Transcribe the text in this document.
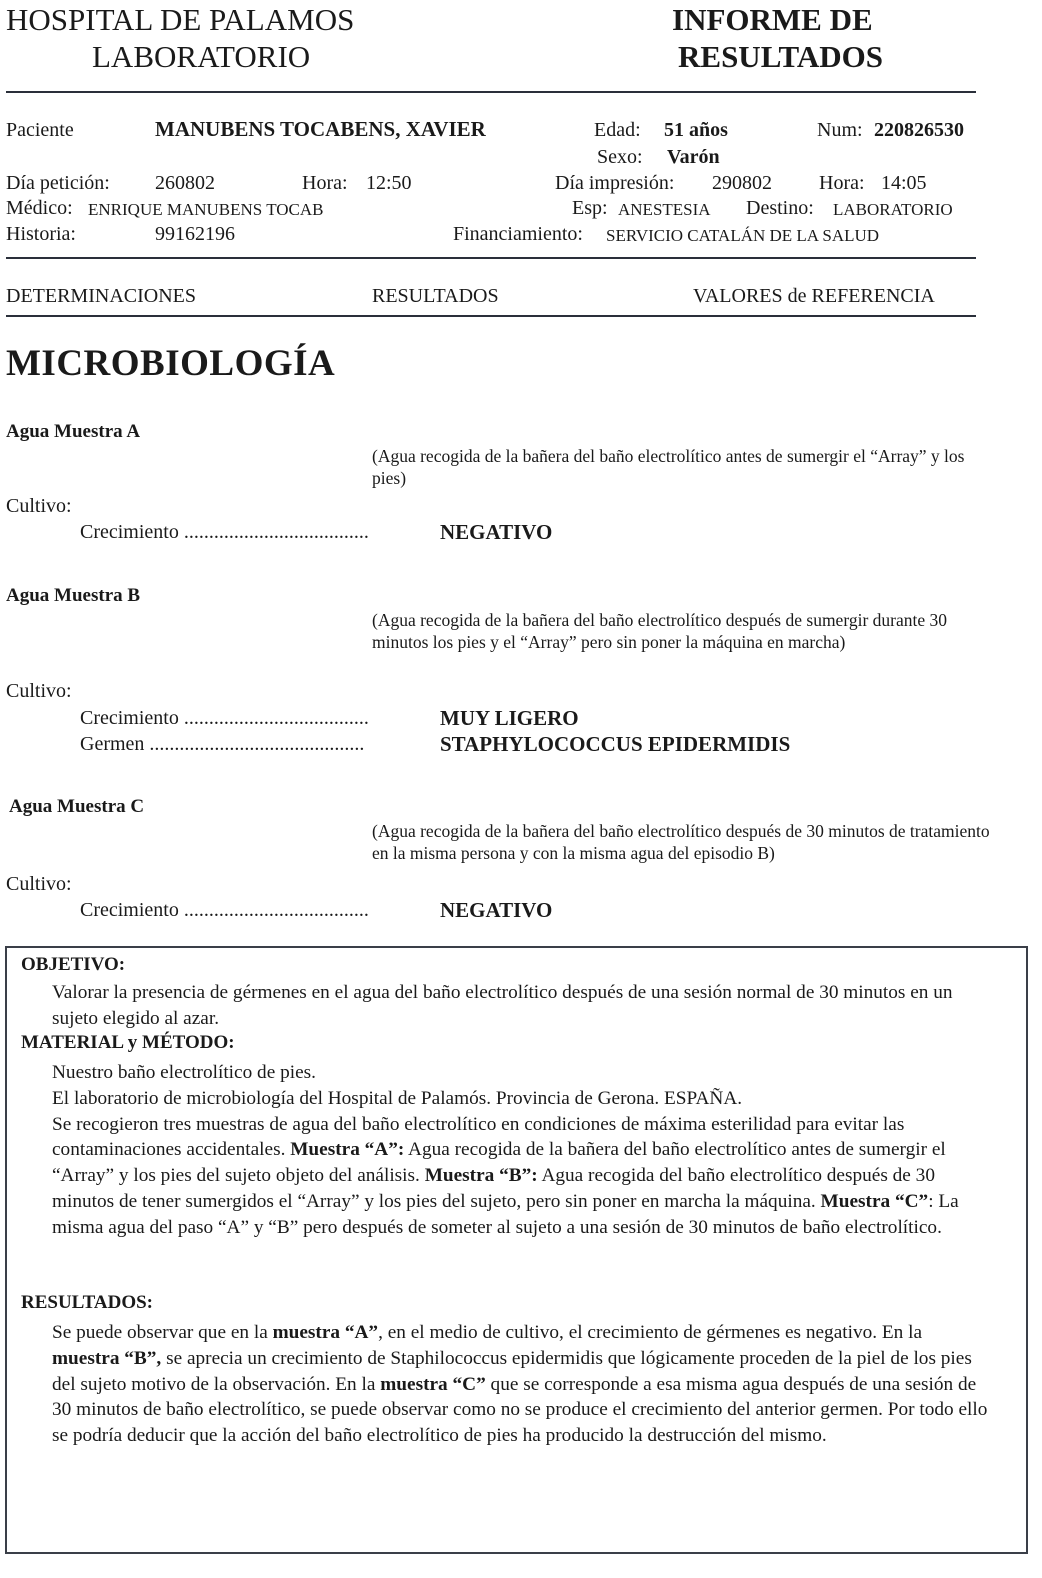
HOSPITAL DE PALAMOS
LABORATORIO
INFORME DE
RESULTADOS
Paciente	MANUBENS TOCABENS, XAVIER	Edad: 51 años	Num: 220826530
Sexo: Varón
Día petición: 260802	Hora: 12:50	Día impresión: 290802 Hora: 14:05
Médico: ENRIQUE MANUBENS TOCAB	Esp: ANESTESIA Destino: LABORATORIO
Historia:	99162196	Financiamiento: SERVICIO CATALÁN DE LA SALUD
DETERMINACIONES	RESULTADOS	VALORES de REFERENCIA
MICROBIOLOGÍA
Agua Muestra A
(Agua recogida de la bañera del baño electrolítico antes de sumergir el “Array” y los pies)
Cultivo:
Crecimiento .....................................	NEGATIVO
Agua Muestra B
(Agua recogida de la bañera del baño electrolítico después de sumergir durante 30 minutos los pies y el “Array” pero sin poner la máquina en marcha)
Cultivo:
Crecimiento .....................................	MUY LIGERO
Germen ...........................................	STAPHYLOCOCCUS EPIDERMIDIS
Agua Muestra C
(Agua recogida de la bañera del baño electrolítico después de 30 minutos de tratamiento en la misma persona y con la misma agua del episodio B)
Cultivo:
Crecimiento .....................................	NEGATIVO
OBJETIVO:
Valorar la presencia de gérmenes en el agua del baño electrolítico después de una sesión normal de 30 minutos en un sujeto elegido al azar.
MATERIAL y MÉTODO:
Nuestro baño electrolítico de pies.
El laboratorio de microbiología del Hospital de Palamós. Provincia de Gerona. ESPAÑA.
Se recogieron tres muestras de agua del baño electrolítico en condiciones de máxima esterilidad para evitar las contaminaciones accidentales. Muestra “A”: Agua recogida de la bañera del baño electrolítico antes de sumergir el “Array” y los pies del sujeto objeto del análisis. Muestra “B”: Agua recogida del baño electrolítico después de 30 minutos de tener sumergidos el “Array” y los pies del sujeto, pero sin poner en marcha la máquina. Muestra “C”: La misma agua del paso “A” y “B” pero después de someter al sujeto a una sesión de 30 minutos de baño electrolítico.
RESULTADOS:
Se puede observar que en la muestra “A”, en el medio de cultivo, el crecimiento de gérmenes es negativo. En la muestra “B”, se aprecia un crecimiento de Staphilococcus epidermidis que lógicamente proceden de la piel de los pies del sujeto motivo de la observación. En la muestra “C” que se corresponde a esa misma agua después de una sesión de 30 minutos de baño electrolítico, se puede observar como no se produce el crecimiento del anterior germen. Por todo ello se podría deducir que la acción del baño electrolítico de pies ha producido la destrucción del mismo.
